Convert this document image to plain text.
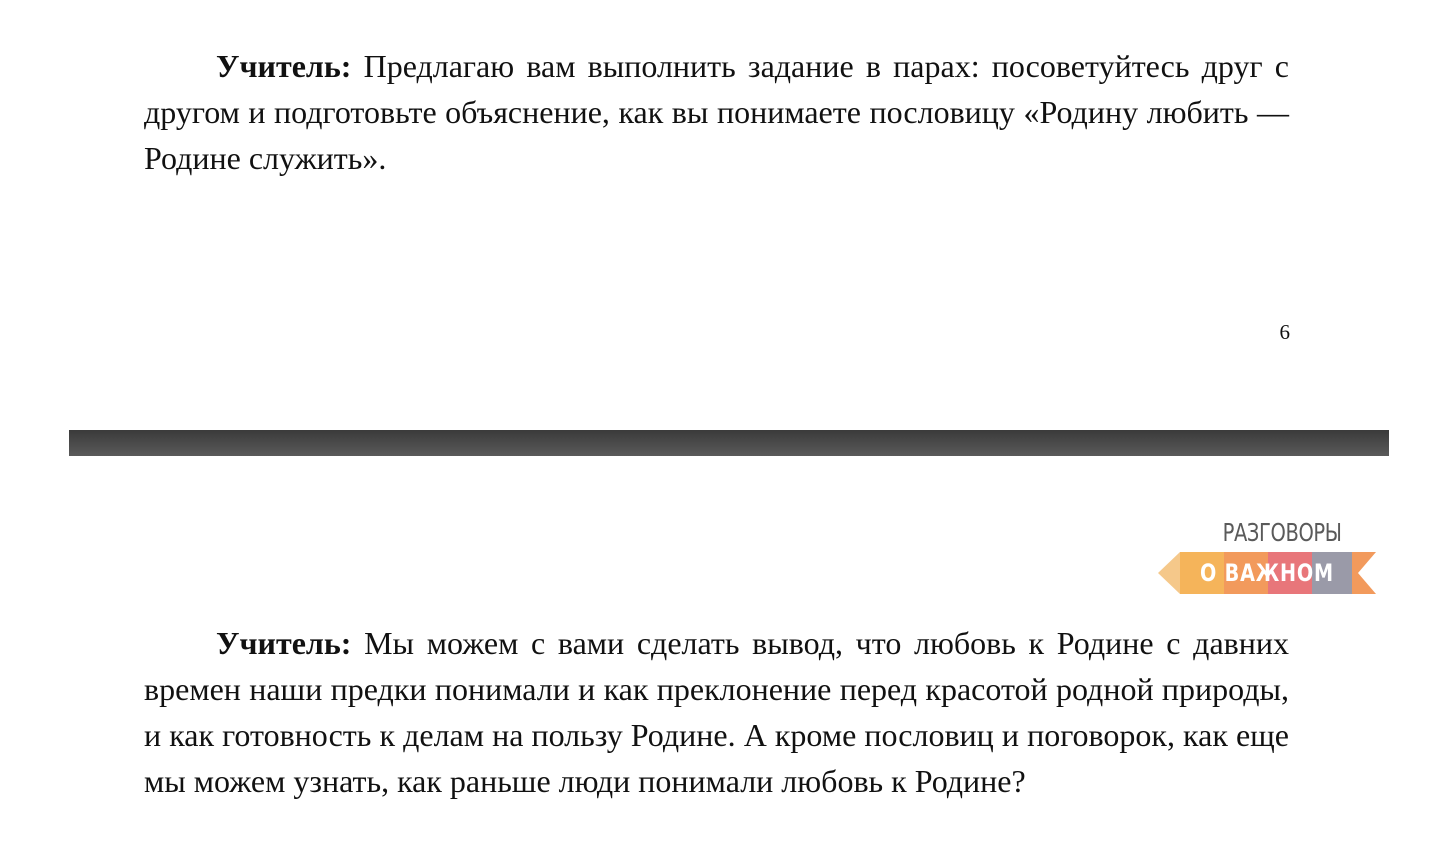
Учитель: Предлагаю вам выполнить задание в парах: посоветуйтесь друг с другом и подготовьте объяснение, как вы понимаете пословицу «Родину любить — Родине служить».

6
РАЗГОВОРЫ
О ВАЖНОМ

Учитель: Мы можем с вами сделать вывод, что любовь к Родине с давних времен наши предки понимали и как преклонение перед красотой родной природы, и как готовность к делам на пользу Родине. А кроме пословиц и поговорок, как еще мы можем узнать, как раньше люди понимали любовь к Родине?
